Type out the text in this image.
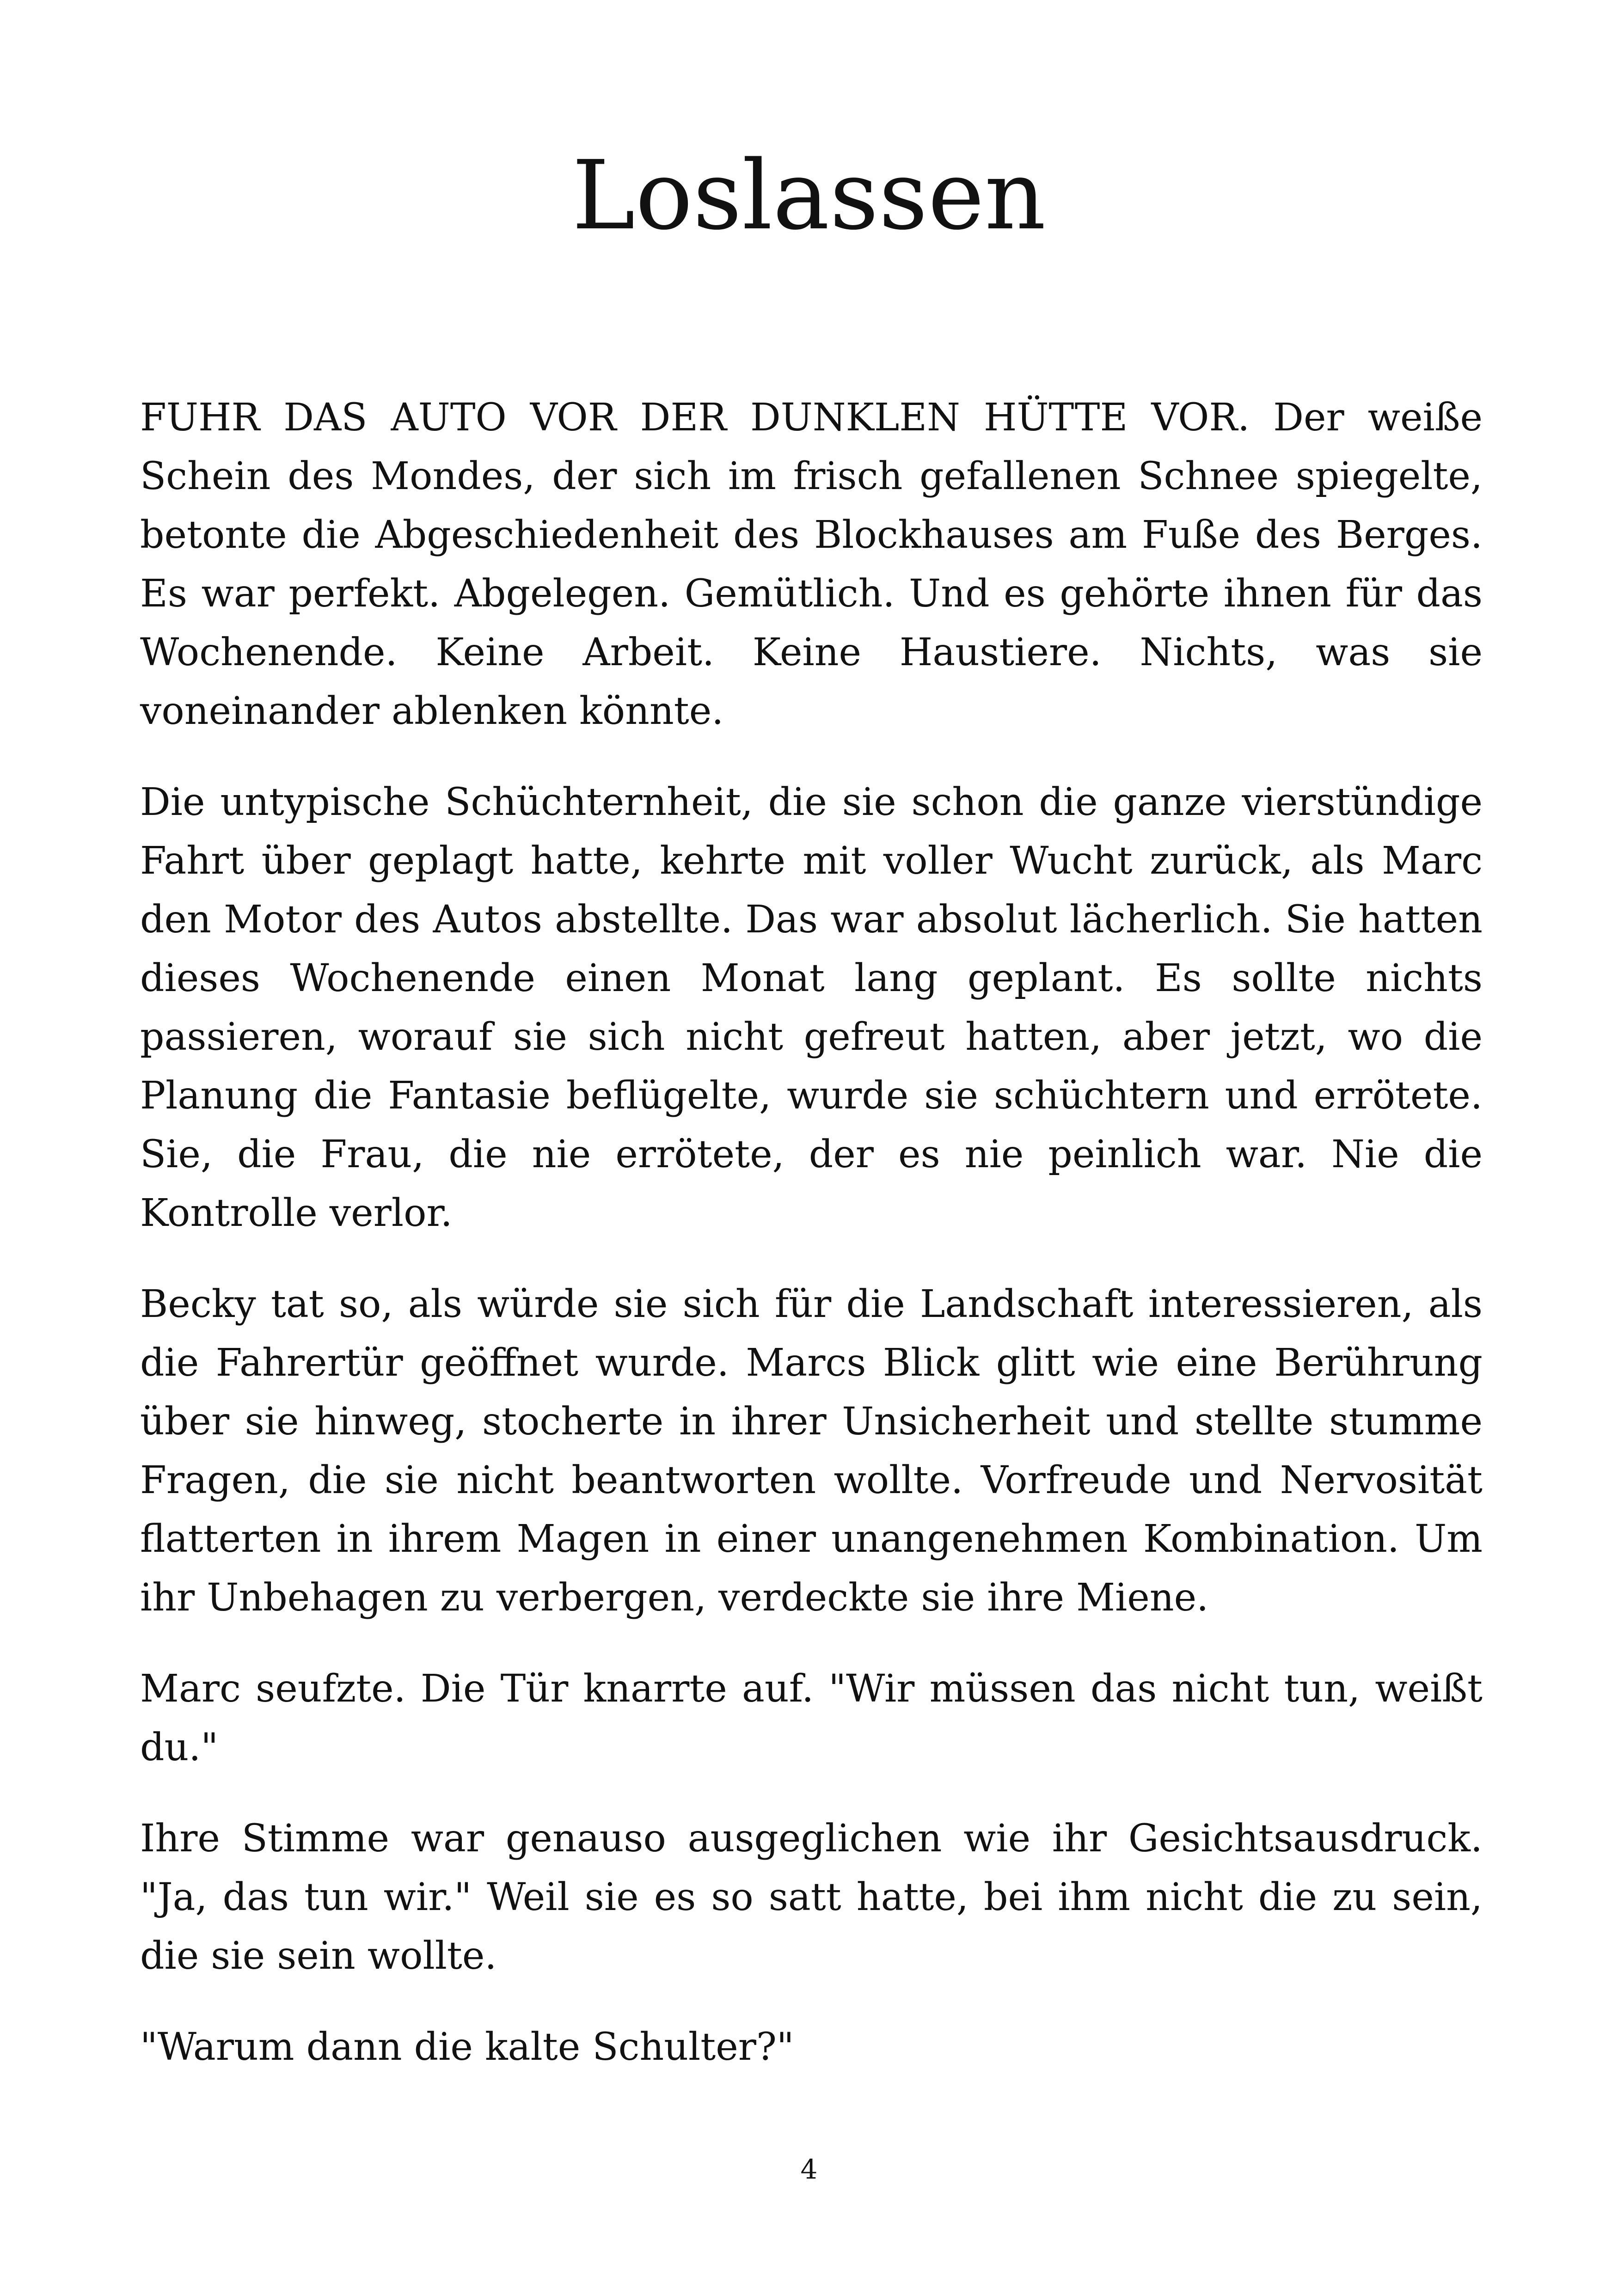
Loslassen

FUHR DAS AUTO VOR DER DUNKLEN HÜTTE VOR. Der weiße Schein des Mondes, der sich im frisch gefallenen Schnee spiegelte, betonte die Abgeschiedenheit des Blockhauses am Fuße des Berges. Es war perfekt. Abgelegen. Gemütlich. Und es gehörte ihnen für das Wochenende. Keine Arbeit. Keine Haustiere. Nichts, was sie voneinander ablenken könnte.

Die untypische Schüchternheit, die sie schon die ganze vierstündige Fahrt über geplagt hatte, kehrte mit voller Wucht zurück, als Marc den Motor des Autos abstellte. Das war absolut lächerlich. Sie hatten dieses Wochenende einen Monat lang geplant. Es sollte nichts passieren, worauf sie sich nicht gefreut hatten, aber jetzt, wo die Planung die Fantasie beflügelte, wurde sie schüchtern und errötete. Sie, die Frau, die nie errötete, der es nie peinlich war. Nie die Kontrolle verlor.

Becky tat so, als würde sie sich für die Landschaft interessieren, als die Fahrertür geöffnet wurde. Marcs Blick glitt wie eine Berührung über sie hinweg, stocherte in ihrer Unsicherheit und stellte stumme Fragen, die sie nicht beantworten wollte. Vorfreude und Nervosität flatterten in ihrem Magen in einer unangenehmen Kombination. Um ihr Unbehagen zu verbergen, verdeckte sie ihre Miene.

Marc seufzte. Die Tür knarrte auf. "Wir müssen das nicht tun, weißt du."

Ihre Stimme war genauso ausgeglichen wie ihr Gesichtsausdruck. "Ja, das tun wir." Weil sie es so satt hatte, bei ihm nicht die zu sein, die sie sein wollte.

"Warum dann die kalte Schulter?"

4
